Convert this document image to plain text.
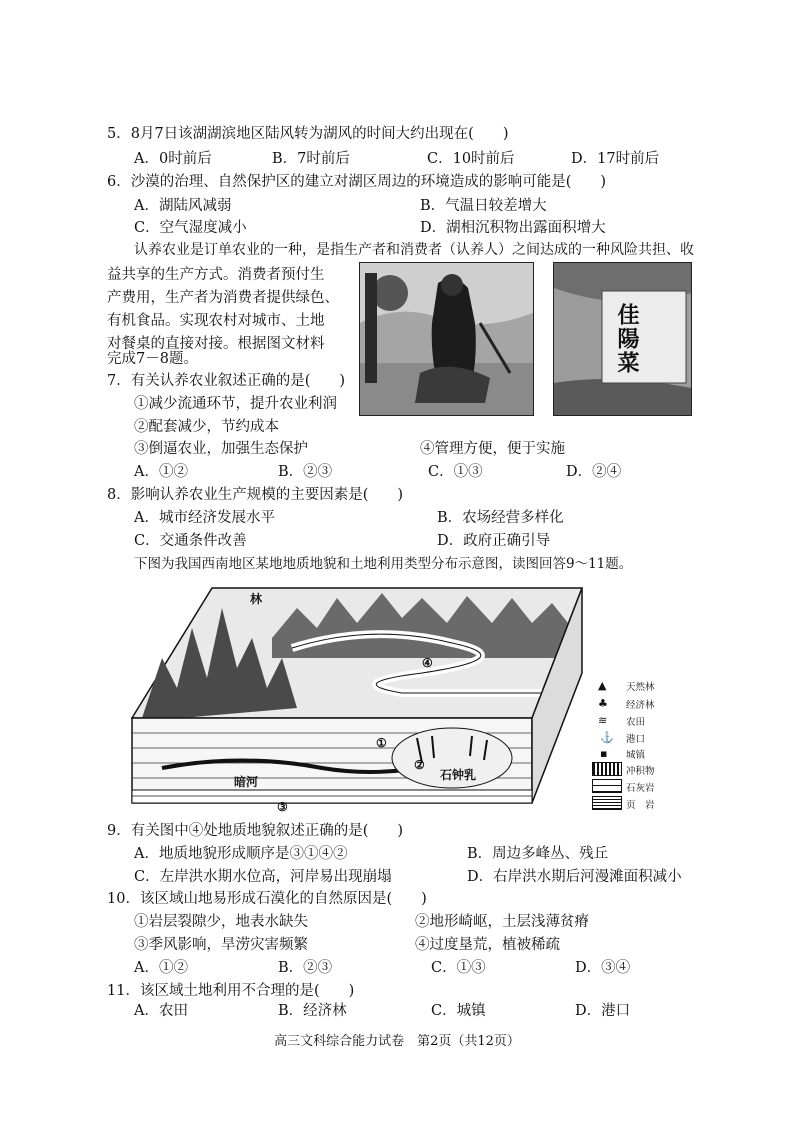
5．8月7日该湖湖滨地区陆风转为湖风的时间大约出现在(　　)
A．0时前后	B．7时前后	C．10时前后	D．17时前后
6．沙漠的治理、自然保护区的建立对湖区周边的环境造成的影响可能是(　　)
A．湖陆风减弱	B．气温日较差增大
C．空气湿度减小	D．湖相沉积物出露面积增大
认养农业是订单农业的一种，是指生产者和消费者（认养人）之间达成的一种风险共担、收
益共享的生产方式。消费者预付生
产费用，生产者为消费者提供绿色、
有机食品。实现农村对城市、土地
对餐桌的直接对接。根据图文材料
完成7－8题。	佳陽菜
7．有关认养农业叙述正确的是(　　)
①减少流通环节，提升农业利润
②配套减少，节约成本
③倒逼农业，加强生态保护	④管理方便，便于实施
A．①②	B．②③	C．①③	D．②④
8．影响认养农业生产规模的主要因素是(　　)
A．城市经济发展水平	B．农场经营多样化
C．交通条件改善	D．政府正确引导
下图为我国西南地区某地地质地貌和土地利用类型分布示意图，读图回答9～11题。
林
暗河	石钟乳
①
②
③
④
▲ 天然林
♣ 经济林
≋ 农田
⚓ 港口
▪ 城镇
冲积物
石灰岩
页　岩
9．有关图中④处地质地貌叙述正确的是(　　)
A．地质地貌形成顺序是③①④②	B．周边多峰丛、残丘
C．左岸洪水期水位高，河岸易出现崩塌	D．右岸洪水期后河漫滩面积减小
10．该区域山地易形成石漠化的自然原因是(　　)
①岩层裂隙少，地表水缺失	②地形崎岖，土层浅薄贫瘠
③季风影响，旱涝灾害频繁	④过度垦荒，植被稀疏
A．①②	B．②③	C．①③	D．③④
11．该区域土地利用不合理的是(　　)
A．农田	B．经济林	C．城镇	D．港口
高三文科综合能力试卷　第2页（共12页）
